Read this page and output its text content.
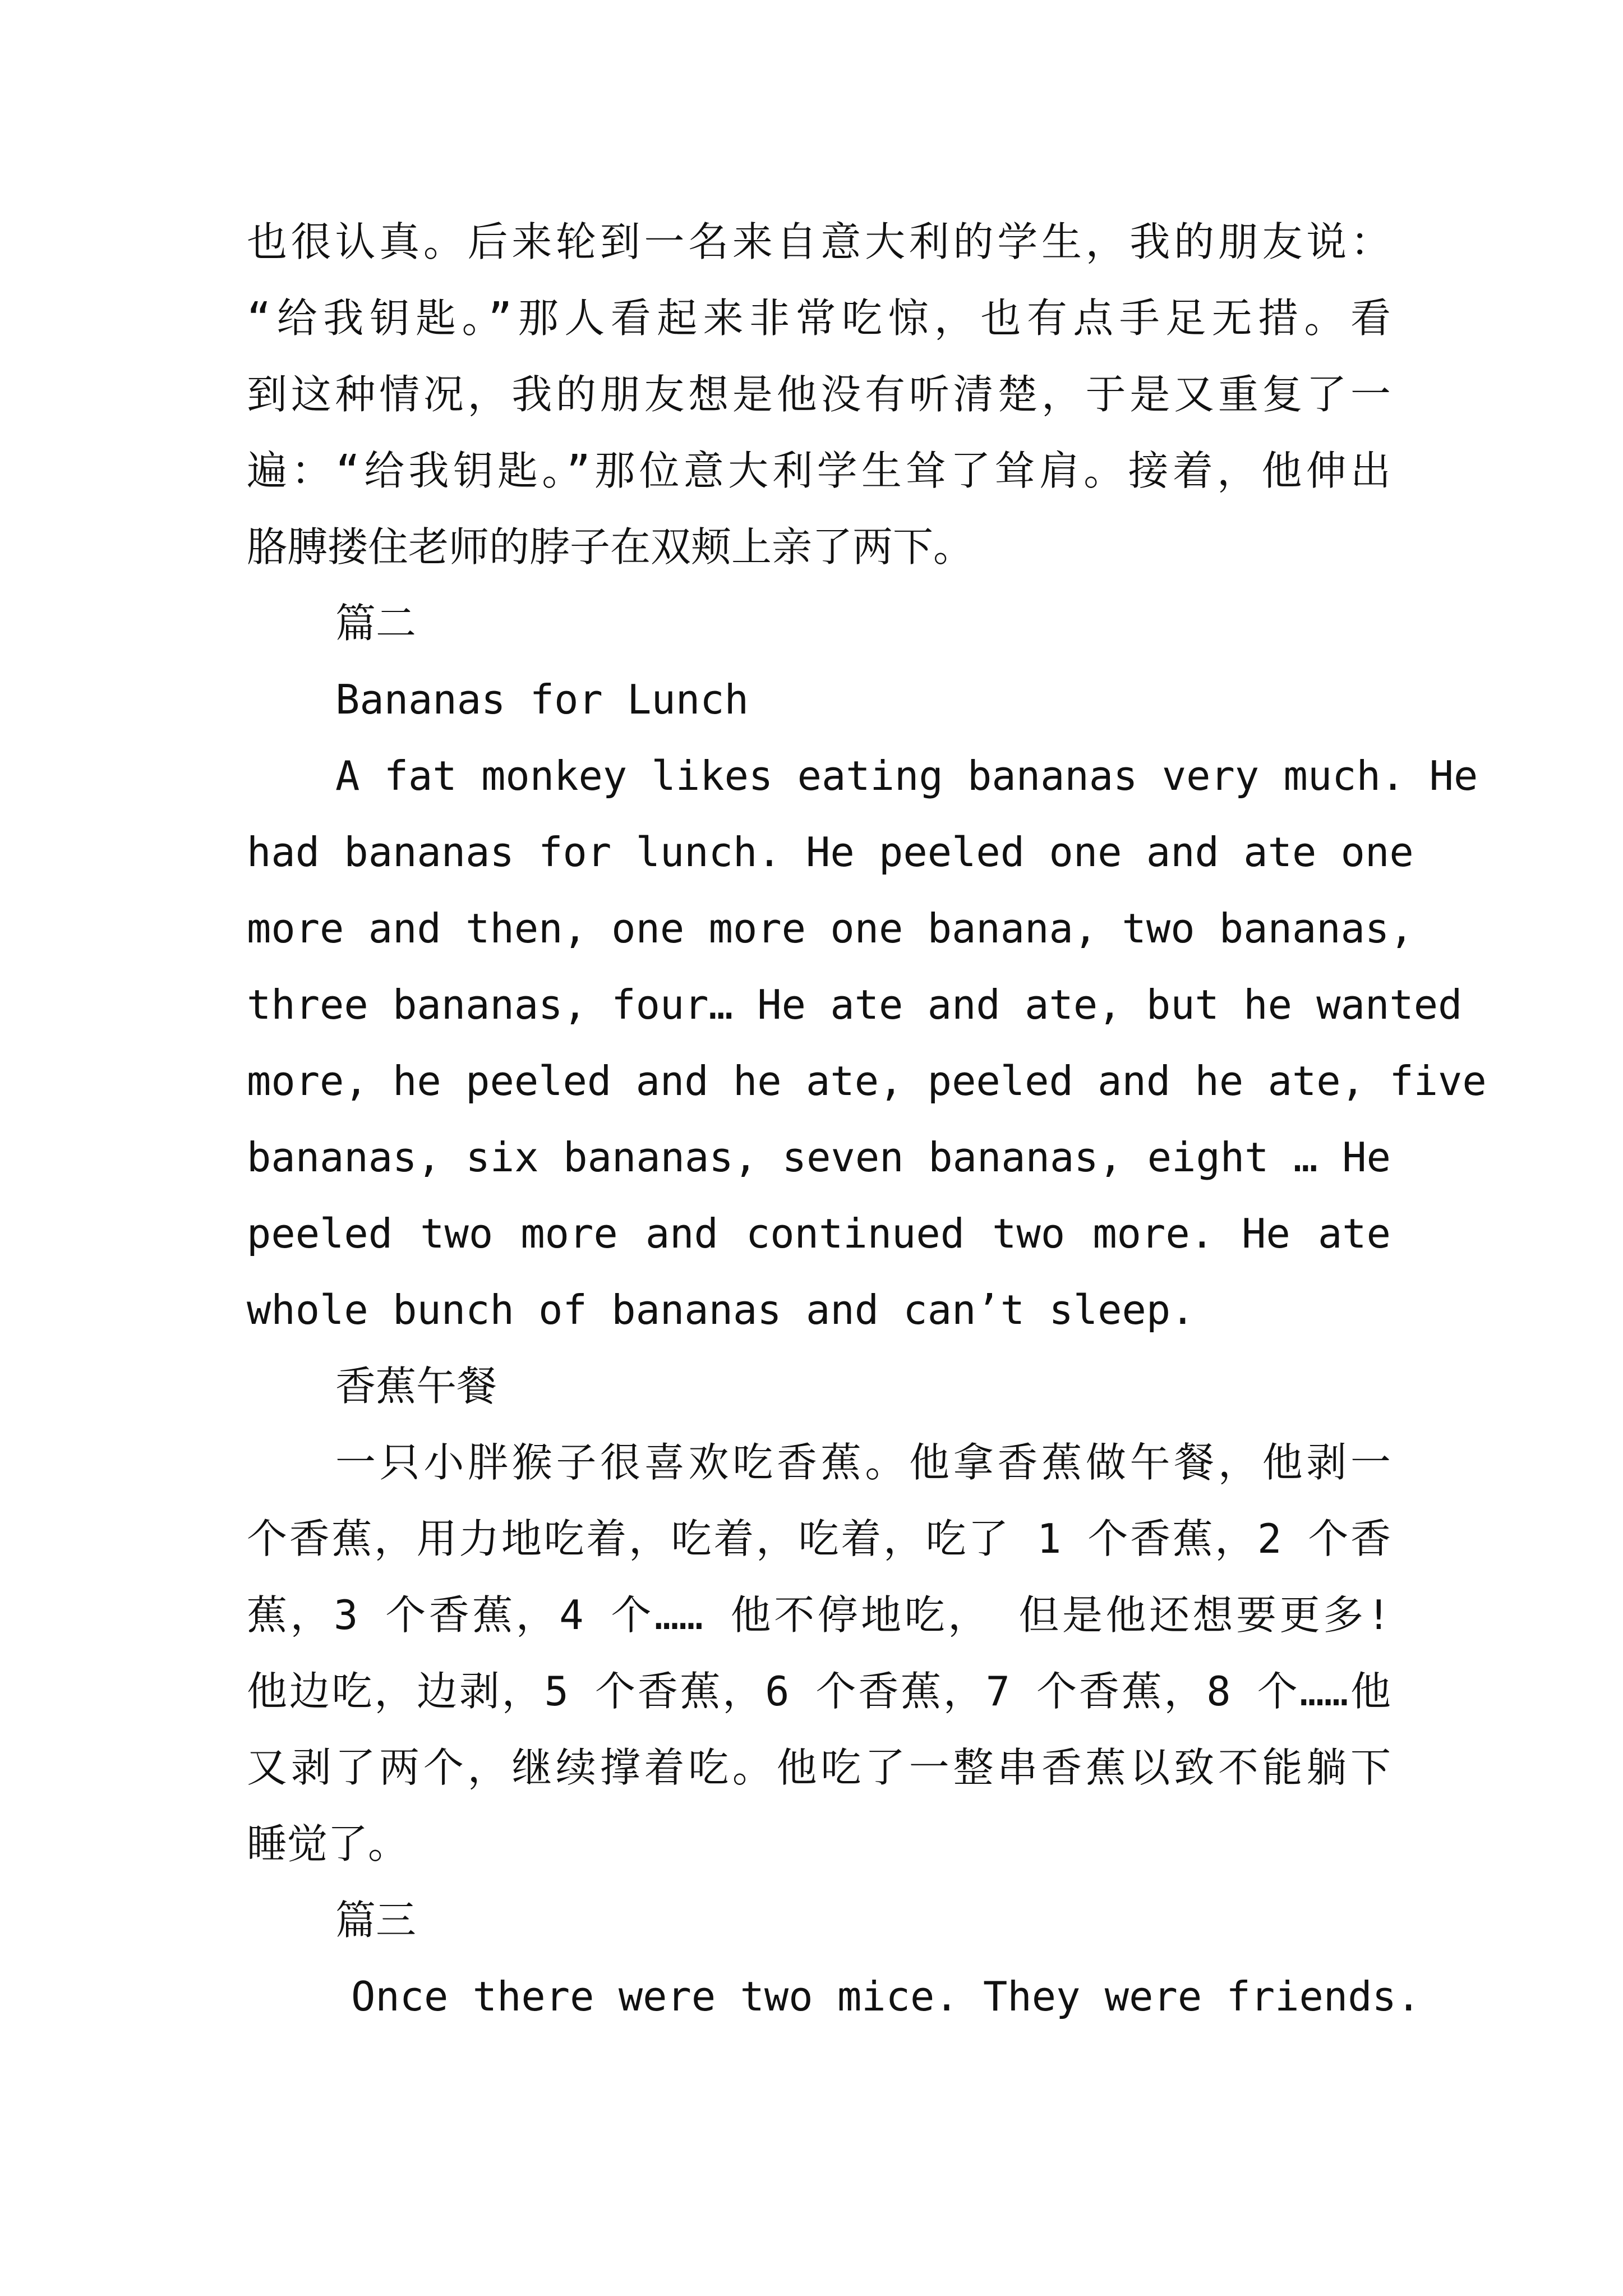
也很认真。后来轮到一名来自意大利的学生，我的朋友说：
“给我钥匙。”那人看起来非常吃惊，也有点手足无措。看
到这种情况，我的朋友想是他没有听清楚，于是又重复了一
遍：“给我钥匙。”那位意大利学生耸了耸肩。接着，他伸出
胳膊搂住老师的脖子在双颊上亲了两下。
篇二
Bananas for Lunch
A fat monkey likes eating bananas very much. He
had bananas for lunch. He peeled one and ate one
more and then, one more one banana, two bananas,
three bananas, four… He ate and ate, but he wanted
more, he peeled and he ate, peeled and he ate, five
bananas, six bananas, seven bananas, eight … He
peeled two more and continued two more. He ate
whole bunch of bananas and can’t sleep.
香蕉午餐
一只小胖猴子很喜欢吃香蕉。他拿香蕉做午餐，他剥一
个香蕉，用力地吃着，吃着，吃着，吃了 1 个香蕉，2 个香
蕉，3 个香蕉，4 个…… 他不停地吃， 但是他还想要更多!
他边吃，边剥，5 个香蕉，6 个香蕉，7 个香蕉，8 个……他
又剥了两个，继续撑着吃。他吃了一整串香蕉以致不能躺下
睡觉了。
篇三
Once there were two mice. They were friends.
